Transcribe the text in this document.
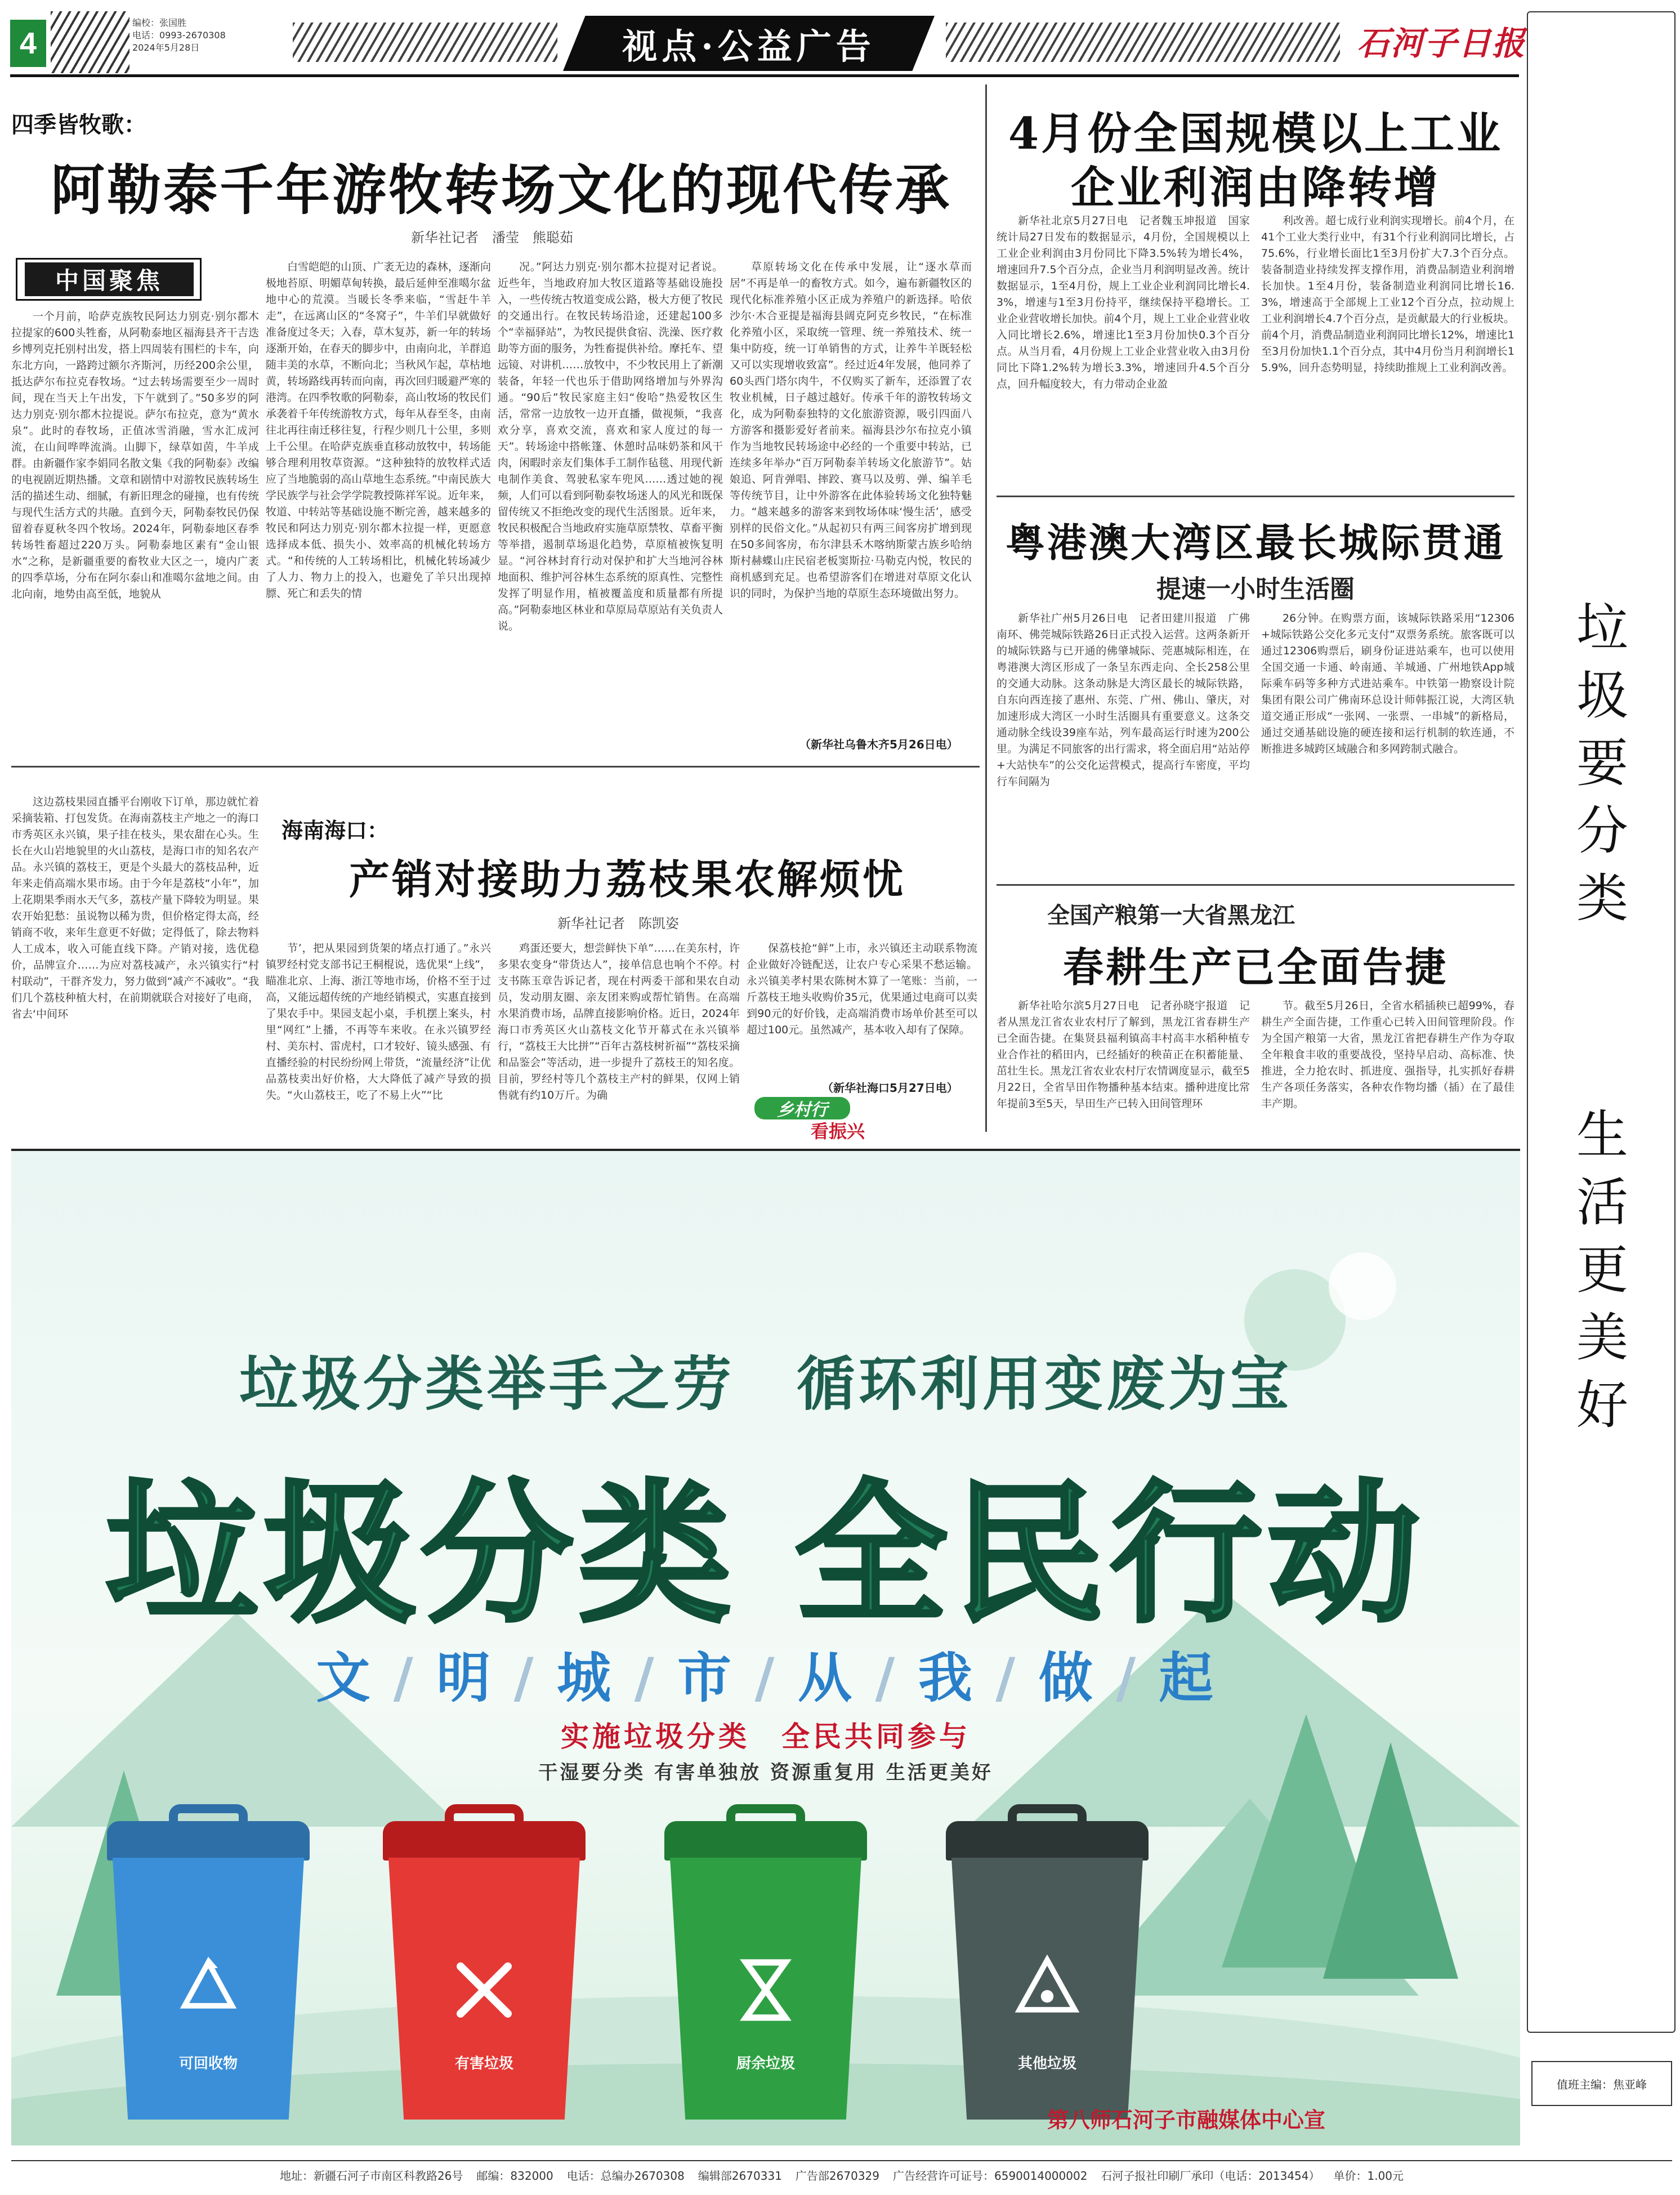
4
编校：张国胜
电话：0993-2670308
2024年5月28日	视点·公益广告	石河子日报
四季皆牧歌：
阿勒泰千年游牧转场文化的现代传承
新华社记者　潘莹　熊聪茹
中国聚焦

一个月前，哈萨克族牧民阿达力别克·别尔都木拉提家的600头牲畜，从阿勒泰地区福海县齐干吉迭乡博列克托别村出发，搭上四周装有围栏的卡车，向东北方向，一路跨过额尔齐斯河，历经200余公里，抵达萨尔布拉克春牧场。“过去转场需要至少一周时间，现在当天上午出发，下午就到了。”50多岁的阿达力别克·别尔都木拉提说。萨尔布拉克，意为“黄水泉”。此时的春牧场，正值冰雪消融，雪水汇成河流，在山间哗哗流淌。山脚下，绿草如茵，牛羊成群。由新疆作家李娟同名散文集《我的阿勒泰》改编的电视剧近期热播。文章和剧情中对游牧民族转场生活的描述生动、细腻，有新旧理念的碰撞，也有传统与现代生活方式的共融。直到今天，阿勒泰牧民仍保留着春夏秋冬四个牧场。2024年，阿勒泰地区春季转场牲畜超过220万头。阿勒泰地区素有“金山银水”之称，是新疆重要的畜牧业大区之一，境内广袤的四季草场，分布在阿尔泰山和准噶尔盆地之间。由北向南，地势由高至低，地貌从

白雪皑皑的山顶、广袤无边的森林，逐渐向极地苔原、明媚草甸转换，最后延伸至准噶尔盆地中心的荒漠。当暖长冬季来临，“雪赶牛羊走”，在远离山区的“冬窝子”，牛羊们早就做好准备度过冬天；入春，草木复苏，新一年的转场逐渐开始，在春天的脚步中，由南向北，羊群追随丰美的水草，不断向北；当秋风乍起，草枯地黄，转场路线再转而向南，再次回归暖避严寒的港湾。在四季牧歌的阿勒泰，高山牧场的牧民们承袭着千年传统游牧方式，每年从春至冬，由南往北再往南迁移往复，行程少则几十公里，多则上千公里。在哈萨克族垂直移动放牧中，转场能够合理利用牧草资源。“这种独特的放牧样式适应了当地脆弱的高山草地生态系统。”中南民族大学民族学与社会学学院教授陈祥军说。近年来，牧道、中转站等基础设施不断完善，越来越多的牧民和阿达力别克·别尔都木拉提一样，更愿意选择成本低、损失小、效率高的机械化转场方式。“和传统的人工转场相比，机械化转场减少了人力、物力上的投入，也避免了羊只出现掉膘、死亡和丢失的情

况。”阿达力别克·别尔都木拉提对记者说。近些年，当地政府加大牧区道路等基础设施投入，一些传统古牧道变成公路，极大方便了牧民的交通出行。在牧民转场沿途，还建起100多个“幸福驿站”，为牧民提供食宿、洗澡、医疗救助等方面的服务，为牲畜提供补给。摩托车、望远镜、对讲机……放牧中，不少牧民用上了新潮装备，年轻一代也乐于借助网络增加与外界沟通。“90后”牧民家庭主妇“俊哈”热爱牧区生活，常常一边放牧一边开直播，做视频，“我喜欢分享，喜欢交流，喜欢和家人度过的每一天”。转场途中搭帐篷、休憩时品味奶茶和风干肉，闲暇时亲友们集体手工制作毡毯、用现代新电制作美食、驾驶私家车兜风……透过她的视频，人们可以看到阿勒泰牧场迷人的风光和既保留传统又不拒绝改变的现代生活图景。近年来，牧民积极配合当地政府实施草原禁牧、草畜平衡等举措，遏制草场退化趋势，草原植被恢复明显。“河谷林封育行动对保护和扩大当地河谷林地面积、维护河谷林生态系统的原真性、完整性发挥了明显作用，植被覆盖度和质量都有所提高。”阿勒泰地区林业和草原局草原站有关负责人说。

草原转场文化在传承中发展，让“逐水草而居”不再是单一的畜牧方式。如今，遍布新疆牧区的现代化标准养殖小区正成为养殖户的新选择。哈依沙尔·木合亚提是福海县阔克阿克乡牧民，“在标准化养殖小区，采取统一管理、统一养殖技术、统一集中防疫，统一订单销售的方式，让养牛羊既轻松又可以实现增收致富”。经过近4年发展，他同养了60头西门塔尔肉牛，不仅购买了新车，还添置了农牧业机械，日子越过越好。传承千年的游牧转场文化，成为阿勒泰独特的文化旅游资源，吸引四面八方游客和摄影爱好者前来。福海县沙尔布拉克小镇作为当地牧民转场途中必经的一个重要中转站，已连续多年举办“百万阿勒泰羊转场文化旅游节”。姑娘追、阿肯弹唱、摔跤、赛马以及剪、弹、编羊毛等传统节目，让中外游客在此体验转场文化独特魅力。“越来越多的游客来到牧场体味‘慢生活’，感受别样的民俗文化。”从起初只有两三间客房扩增到现在50多间客房，布尔津县禾木喀纳斯蒙古族乡哈纳斯村赫蝶山庄民宿老板窦斯拉·马勒克内悦，牧民的商机感到充足。也希望游客们在增进对草原文化认识的同时，为保护当地的草原生态环境做出努力。

（新华社乌鲁木齐5月26日电）
4月份全国规模以上工业企业利润由降转增

新华社北京5月27日电　记者魏玉坤报道　国家统计局27日发布的数据显示，4月份，全国规模以上工业企业利润由3月份同比下降3.5%转为增长4%，增速回升7.5个百分点，企业当月利润明显改善。统计数据显示，1至4月份，规上工业企业利润同比增长4.3%，增速与1至3月份持平，继续保持平稳增长。工业企业营收增长加快。前4个月，规上工业企业营业收入同比增长2.6%，增速比1至3月份加快0.3个百分点。从当月看，4月份规上工业企业营业收入由3月份同比下降1.2%转为增长3.3%，增速回升4.5个百分点，回升幅度较大，有力带动企业盈

利改善。超七成行业利润实现增长。前4个月，在41个工业大类行业中，有31个行业利润同比增长，占75.6%，行业增长面比1至3月份扩大7.3个百分点。装备制造业持续发挥支撑作用，消费品制造业利润增长加快。1至4月份，装备制造业利润同比增长16.3%，增速高于全部规上工业12个百分点，拉动规上工业利润增长4.7个百分点，是贡献最大的行业板块。前4个月，消费品制造业利润同比增长12%，增速比1至3月份加快1.1个百分点，其中4月份当月利润增长15.9%，回升态势明显，持续助推规上工业利润改善。

粤港澳大湾区最长城际贯通
提速一小时生活圈

新华社广州5月26日电　记者田建川报道　广佛南环、佛莞城际铁路26日正式投入运营。这两条新开的城际铁路与已开通的佛肇城际、莞惠城际相连，在粤港澳大湾区形成了一条呈东西走向、全长258公里的交通大动脉。这条动脉是大湾区最长的城际铁路，自东向西连接了惠州、东莞、广州、佛山、肇庆，对加速形成大湾区一小时生活圈具有重要意义。这条交通动脉全线设39座车站，列车最高运行时速为200公里。为满足不同旅客的出行需求，将全面启用“站站停+大站快车”的公交化运营模式，提高行车密度，平均行车间隔为

26分钟。在购票方面，该城际铁路采用“12306+城际铁路公交化多元支付”双票务系统。旅客既可以通过12306购票后，刷身份证进站乘车，也可以使用全国交通一卡通、岭南通、羊城通、广州地铁App城际乘车码等多种方式进站乘车。中铁第一勘察设计院集团有限公司广佛南环总设计师韩振江说，大湾区轨道交通正形成“一张网、一张票、一串城”的新格局，通过交通基础设施的硬连接和运行机制的软连通，不断推进多城跨区域融合和多网跨制式融合。

海南海口：
产销对接助力荔枝果农解烦忧
新华社记者　陈凯姿

这边荔枝果园直播平台刚收下订单，那边就忙着采摘装箱、打包发货。在海南荔枝主产地之一的海口市秀英区永兴镇，果子挂在枝头，果农甜在心头。生长在火山岩地貌里的火山荔枝，是海口市的知名农产品。永兴镇的荔枝王，更是个头最大的荔枝品种，近年来走俏高端水果市场。由于今年是荔枝“小年”，加上花期果季雨水天气多，荔枝产量下降较为明显。果农开始犯愁：虽说物以稀为贵，但价格定得太高，经销商不收，来年生意更不好做；定得低了，除去物料人工成本，收入可能直线下降。产销对接，选优稳价，品牌宣介……为应对荔枝减产，永兴镇实行“村村联动”，干群齐发力，努力做到“减产不减收”。“我们几个荔枝种植大村，在前期就联合对接好了电商，省去‘中间环

节’，把从果园到货架的堵点打通了。”永兴镇罗经村党支部书记王桐棍说，选优果“上线”，瞄准北京、上海、浙江等地市场，价格不至于过高，又能远超传统的产地经销模式，实惠直接到了果农手中。果园支起小桌，手机摆上案头，村里“网红”上播，不再等车来收。在永兴镇罗经村、美东村、雷虎村，口才较好、镜头感强、有直播经验的村民纷纷网上带货，“流量经济”让优品荔枝卖出好价格，大大降低了减产导致的损失。“火山荔枝王，吃了不易上火”“比

鸡蛋还要大，想尝鲜快下单”……在美东村，许多果农变身“带货达人”，接单信息也响个不停。村支书陈玉章告诉记者，现在村两委干部和果农自动员，发动朋友圈、亲友团来购或帮忙销售。在高端水果消费市场，品牌直接影响价格。近日，2024年海口市秀英区火山荔枝文化节开幕式在永兴镇举行，“荔枝王大比拼”“百年古荔枝树祈福”“荔枝采摘和品鉴会”等活动，进一步提升了荔枝王的知名度。目前，罗经村等几个荔枝主产村的鲜果，仅网上销售就有约10万斤。为确

保荔枝抢“鲜”上市，永兴镇还主动联系物流企业做好冷链配送，让农户专心采果不愁运输。永兴镇美孝村果农陈树木算了一笔账：当前，一斤荔枝王地头收购价35元，优果通过电商可以卖到90元的好价钱，走高端消费市场单价甚至可以超过100元。虽然减产，基本收入却有了保障。

（新华社海口5月27日电）
乡村行
看振兴
全国产粮第一大省黑龙江
春耕生产已全面告捷

新华社哈尔滨5月27日电　记者孙晓宇报道　记者从黑龙江省农业农村厅了解到，黑龙江省春耕生产已全面告捷。在集贤县福利镇高丰村高丰水稻种植专业合作社的稻田内，已经插好的秧苗正在积蓄能量、茁壮生长。黑龙江省农业农村厅农情调度显示，截至5月22日，全省旱田作物播种基本结束。播种进度比常年提前3至5天，旱田生产已转入田间管理环

节。截至5月26日，全省水稻插秧已超99%，春耕生产全面告捷，工作重心已转入田间管理阶段。作为全国产粮第一大省，黑龙江省把春耕生产作为夺取全年粮食丰收的重要战役，坚持早启动、高标准、快推进，全力抢农时、抓进度、强指导，扎实抓好春耕生产各项任务落实，各种农作物均播（插）在了最佳丰产期。

垃圾分类举手之劳　循环利用变废为宝
垃圾分类 全民行动
文 / 明 / 城 / 市 / 从 / 我 / 做 / 起
实施垃圾分类　全民共同参与
干湿要分类 有害单独放 资源重复用 生活更美好
可回收物	有害垃圾	厨余垃圾	其他垃圾
第八师石河子市融媒体中心宣
垃
圾
要
分
类
生
活
更
美
好
值班主编：焦亚峰
地址：新疆石河子市南区科教路26号 邮编：832000 电话：总编办2670308 编辑部2670331 广告部2670329 广告经营许可证号：6590014000002 石河子报社印刷厂承印（电话：2013454） 单价：1.00元
